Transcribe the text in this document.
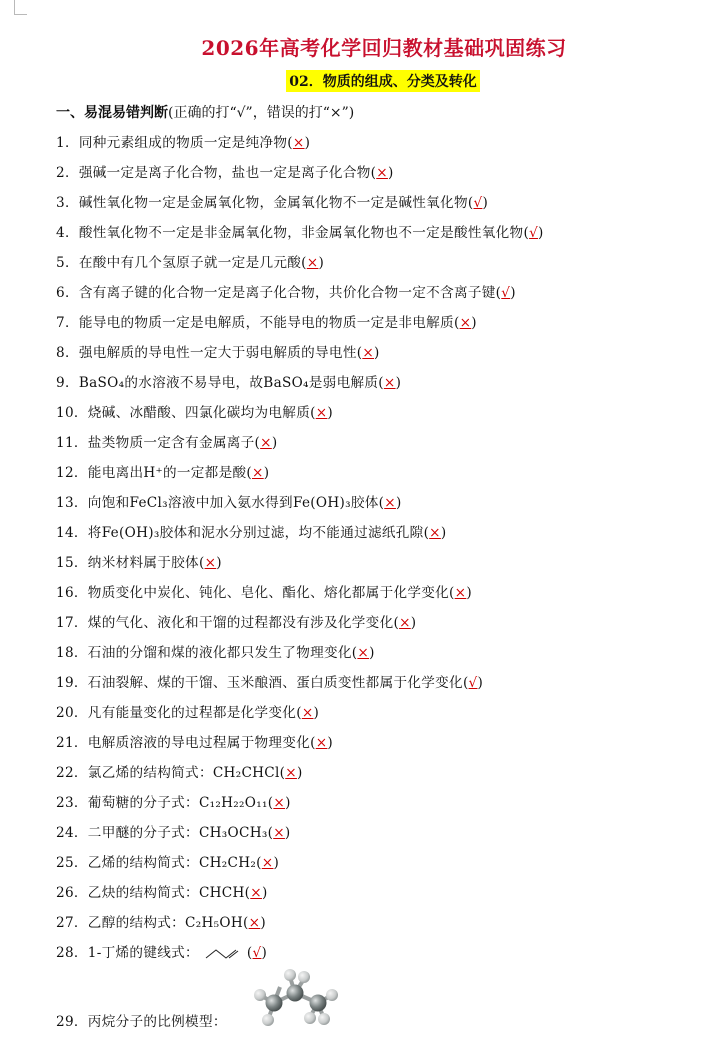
2026年高考化学回归教材基础巩固练习
02．物质的组成、分类及转化
一、易混易错判断(正确的打“√”，错误的打“×”)
1．同种元素组成的物质一定是纯净物(×)
2．强碱一定是离子化合物，盐也一定是离子化合物(×)
3．碱性氧化物一定是金属氧化物，金属氧化物不一定是碱性氧化物(√)
4．酸性氧化物不一定是非金属氧化物，非金属氧化物也不一定是酸性氧化物(√)
5．在酸中有几个氢原子就一定是几元酸(×)
6．含有离子键的化合物一定是离子化合物，共价化合物一定不含离子键(√)
7．能导电的物质一定是电解质，不能导电的物质一定是非电解质(×)
8．强电解质的导电性一定大于弱电解质的导电性(×)
9．BaSO₄的水溶液不易导电，故BaSO₄是弱电解质(×)
10．烧碱、冰醋酸、四氯化碳均为电解质(×)
11．盐类物质一定含有金属离子(×)
12．能电离出H⁺的一定都是酸(×)
13．向饱和FeCl₃溶液中加入氨水得到Fe(OH)₃胶体(×)
14．将Fe(OH)₃胶体和泥水分别过滤，均不能通过滤纸孔隙(×)
15．纳米材料属于胶体(×)
16．物质变化中炭化、钝化、皂化、酯化、熔化都属于化学变化(×)
17．煤的气化、液化和干馏的过程都没有涉及化学变化(×)
18．石油的分馏和煤的液化都只发生了物理变化(×)
19．石油裂解、煤的干馏、玉米酿酒、蛋白质变性都属于化学变化(√)
20．凡有能量变化的过程都是化学变化(×)
21．电解质溶液的导电过程属于物理变化(×)
22．氯乙烯的结构简式：CH₂CHCl(×)
23．葡萄糖的分子式：C₁₂H₂₂O₁₁(×)
24．二甲醚的分子式：CH₃OCH₃(×)
25．乙烯的结构简式：CH₂CH₂(×)
26．乙炔的结构简式：CHCH(×)
27．乙醇的结构式：C₂H₅OH(×)
28．1-丁烯的键线式：	(√)
29．丙烷分子的比例模型：
